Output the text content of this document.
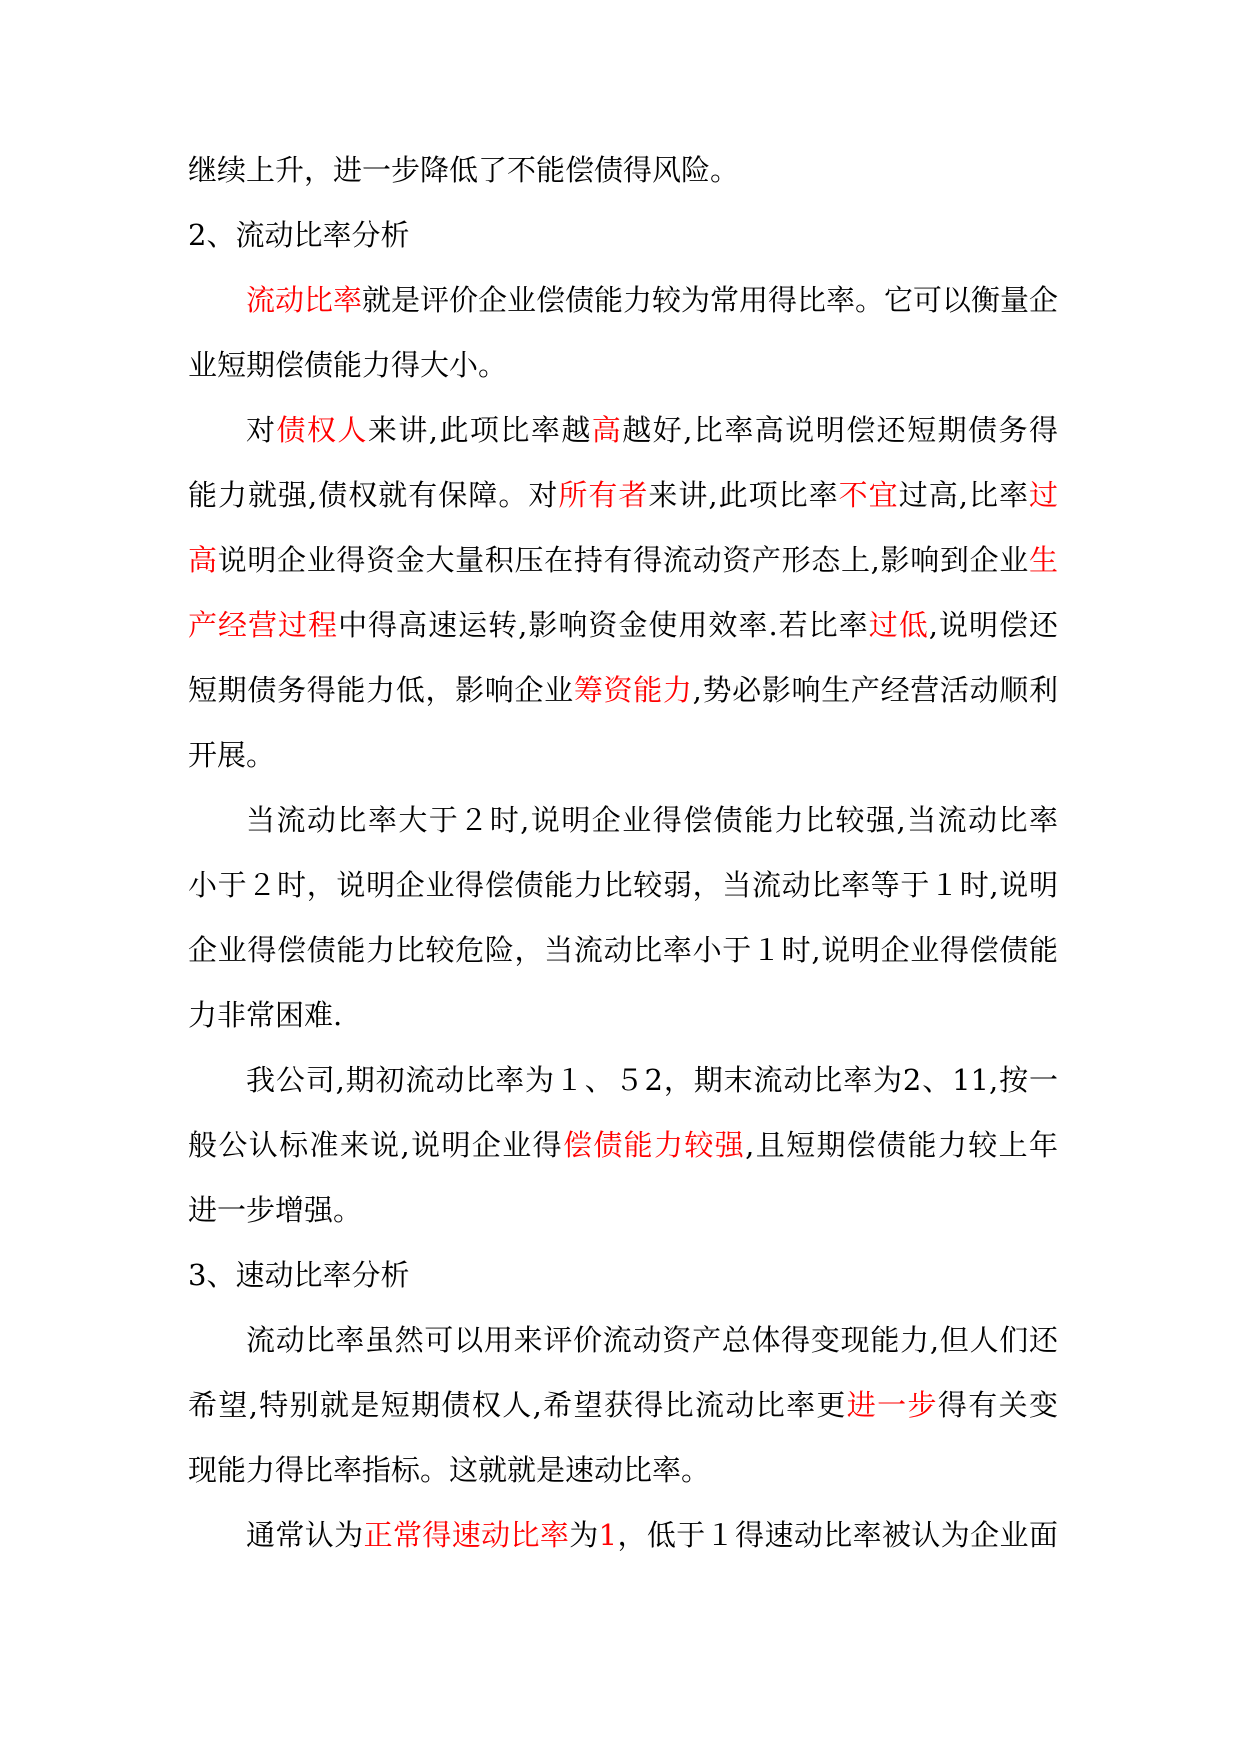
继续上升，进一步降低了不能偿债得风险。
2、流动比率分析
流动比率就是评价企业偿债能力较为常用得比率。它可以衡量企
业短期偿债能力得大小。
对债权人来讲,此项比率越高越好,比率高说明偿还短期债务得
能力就强,债权就有保障。对所有者来讲,此项比率不宜过高,比率过
高说明企业得资金大量积压在持有得流动资产形态上,影响到企业生
产经营过程中得高速运转,影响资金使用效率.若比率过低,说明偿还
短期债务得能力低，影响企业筹资能力,势必影响生产经营活动顺利
开展。
当流动比率大于２时,说明企业得偿债能力比较强,当流动比率
小于２时，说明企业得偿债能力比较弱，当流动比率等于１时,说明
企业得偿债能力比较危险，当流动比率小于１时,说明企业得偿债能
力非常困难.
我公司,期初流动比率为１、５2，期末流动比率为2、11,按一
般公认标准来说,说明企业得偿债能力较强,且短期偿债能力较上年
进一步增强。
3、速动比率分析
流动比率虽然可以用来评价流动资产总体得变现能力,但人们还
希望,特别就是短期债权人,希望获得比流动比率更进一步得有关变
现能力得比率指标。这就就是速动比率。
通常认为正常得速动比率为1，低于１得速动比率被认为企业面
